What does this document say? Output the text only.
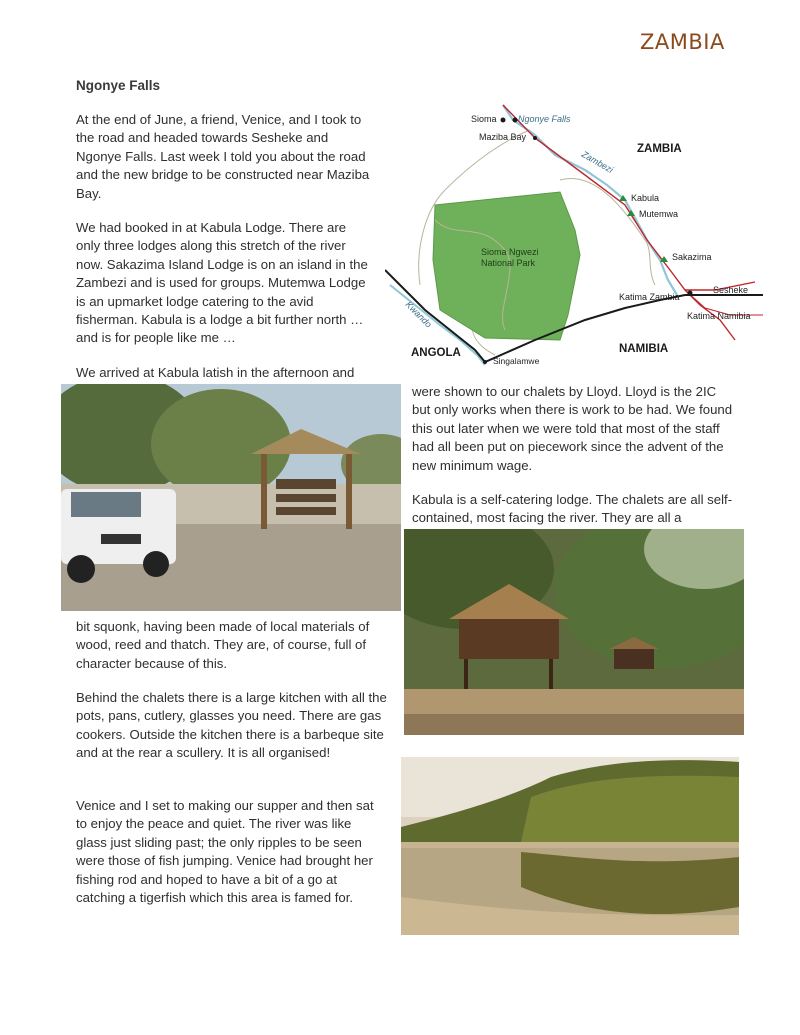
ZAMBIA
Ngonye Falls

At the end of June, a friend, Venice, and I took to the road and headed towards Sesheke and Ngonye Falls. Last week I told you about the road and the new bridge to be constructed near Maziba Bay.

We had booked in at Kabula Lodge. There are only three lodges along this stretch of the river now. Sakazima Island Lodge is on an island in the Zambezi and is used for groups. Mutemwa Lodge is an upmarket lodge catering to the avid fisherman. Kabula is a lodge a bit further north … and is for people like me …

We arrived at Kabula latish in the afternoon and

were shown to our chalets by Lloyd. Lloyd is the 2IC but only works when there is work to be had. We found this out later when we were told that most of the staff had all been put on piecework since the advent of the new minimum wage.

Kabula is a self-catering lodge. The chalets are all self-contained, most facing the river. They are all a

bit squonk, having been made of local materials of wood, reed and thatch. They are, of course, full of character because of this.

Behind the chalets there is a large kitchen with all the pots, pans, cutlery, glasses you need. There are gas cookers. Outside the kitchen there is a barbeque site and at the rear a scullery. It is all organised!

Venice and I set to making our supper and then sat to enjoy the peace and quiet. The river was like glass just sliding past; the only ripples to be seen were those of fish jumping. Venice had brought her fishing rod and hoped to have a bit of a go at catching a tigerfish which this area is famed for.

Sioma Ngonye Falls
Maziba Bay
ZAMBIA
Zambezi
Kabula
Mutemwa
Sioma Ngwezi
National Park
Sakazima
Sesheke
Katima Zambia
Katima Namibia
Kwando
ANGOLA
Singalamwe
NAMIBIA
